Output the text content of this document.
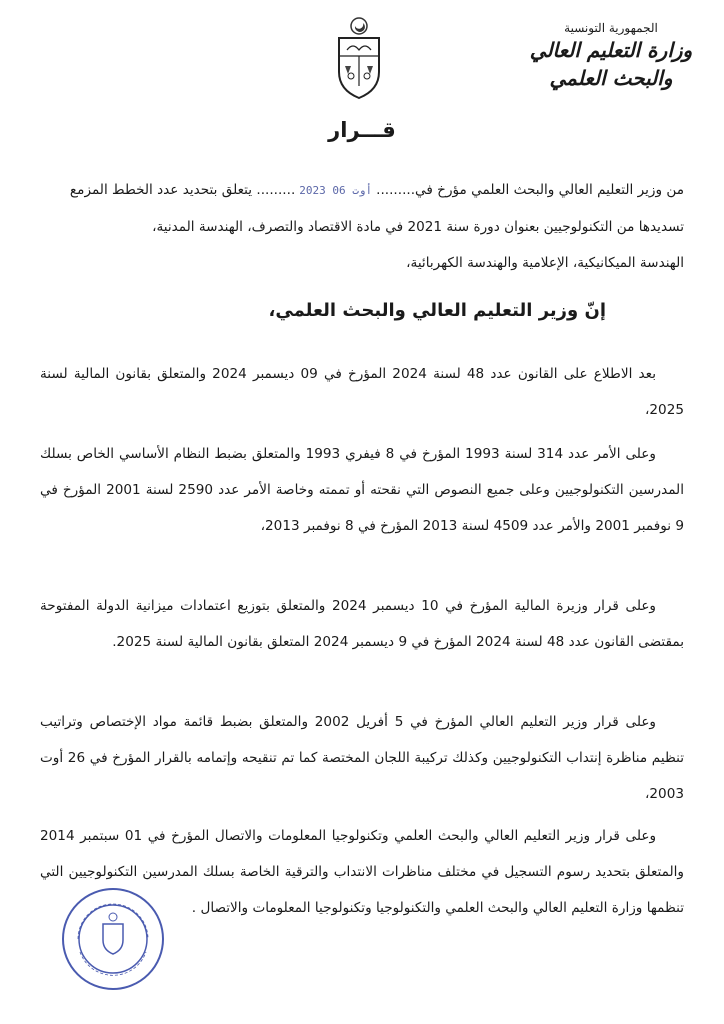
الجمهورية التونسية
وزارة التعليم العالي
والبحث العلمي
قـــرار
من وزير التعليم العالي والبحث العلمي مؤرخ في.........2023 أوت 06......... يتعلق بتحديد عدد الخطط المزمع
تسديدها من التكنولوجيين بعنوان دورة سنة 2021 في مادة الاقتصاد والتصرف، الهندسة المدنية،
الهندسة الميكانيكية، الإعلامية والهندسة الكهربائية،
إنّ وزير التعليم العالي والبحث العلمي،

بعد الاطلاع على القانون عدد 48 لسنة 2024 المؤرخ في 09 ديسمبر 2024 والمتعلق بقانون المالية لسنة 2025،

وعلى الأمر عدد 314 لسنة 1993 المؤرخ في 8 فيفري 1993 والمتعلق بضبط النظام الأساسي الخاص بسلك المدرسين التكنولوجيين وعلى جميع النصوص التي نقحته أو تممته وخاصة الأمر عدد 2590 لسنة 2001 المؤرخ في 9 نوفمبر 2001 والأمر عدد 4509 لسنة 2013 المؤرخ في 8 نوفمبر 2013،

وعلى قرار وزيرة المالية المؤرخ في 10 ديسمبر 2024 والمتعلق بتوزيع اعتمادات ميزانية الدولة المفتوحة بمقتضى القانون عدد 48 لسنة 2024 المؤرخ في 9 ديسمبر 2024 المتعلق بقانون المالية لسنة 2025.

وعلى قرار وزير التعليم العالي المؤرخ في 5 أفريل 2002 والمتعلق بضبط قائمة مواد الإختصاص وتراتيب تنظيم مناظرة إنتداب التكنولوجيين وكذلك تركيبة اللجان المختصة كما تم تنقيحه وإتمامه بالقرار المؤرخ في 26 أوت 2003،

وعلى قرار وزير التعليم العالي والبحث العلمي وتكنولوجيا المعلومات والاتصال المؤرخ في 01 سبتمبر 2014 والمتعلق بتحديد رسوم التسجيل في مختلف مناظرات الانتداب والترقية الخاصة بسلك المدرسين التكنولوجيين التي تنظمها وزارة التعليم العالي والبحث العلمي والتكنولوجيا وتكنولوجيا المعلومات والاتصال .
